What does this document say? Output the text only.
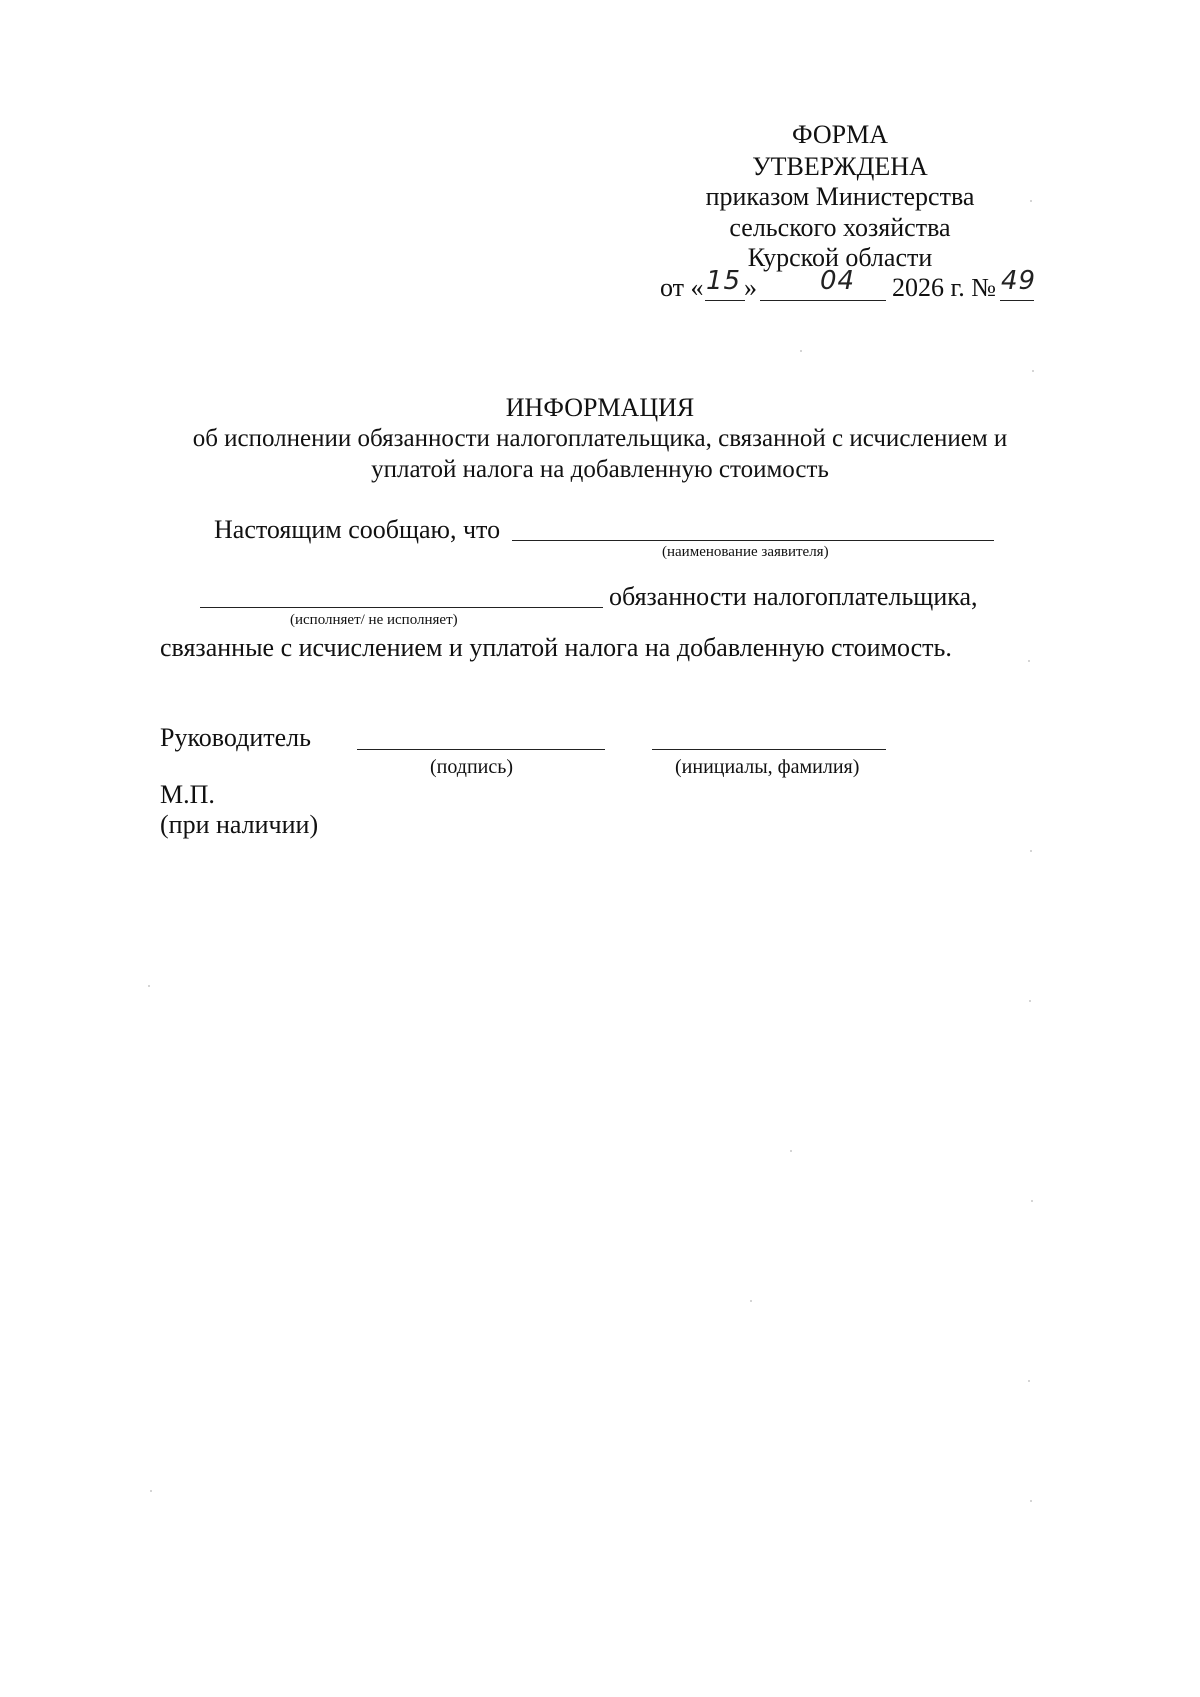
ФОРМА
УТВЕРЖДЕНА
приказом Министерства
сельского хозяйства
Курской области
от « 15 » 04 2026 г. № 49
ИНФОРМАЦИЯ
об исполнении обязанности налогоплательщика, связанной с исчислением и
уплатой налога на добавленную стоимость
Настоящим сообщаю, что
(наименование заявителя)
обязанности налогоплательщика,
(исполняет/ не исполняет)
связанные с исчислением и уплатой налога на добавленную стоимость.
Руководитель
(подпись)	(инициалы, фамилия)
М.П.
(при наличии)
